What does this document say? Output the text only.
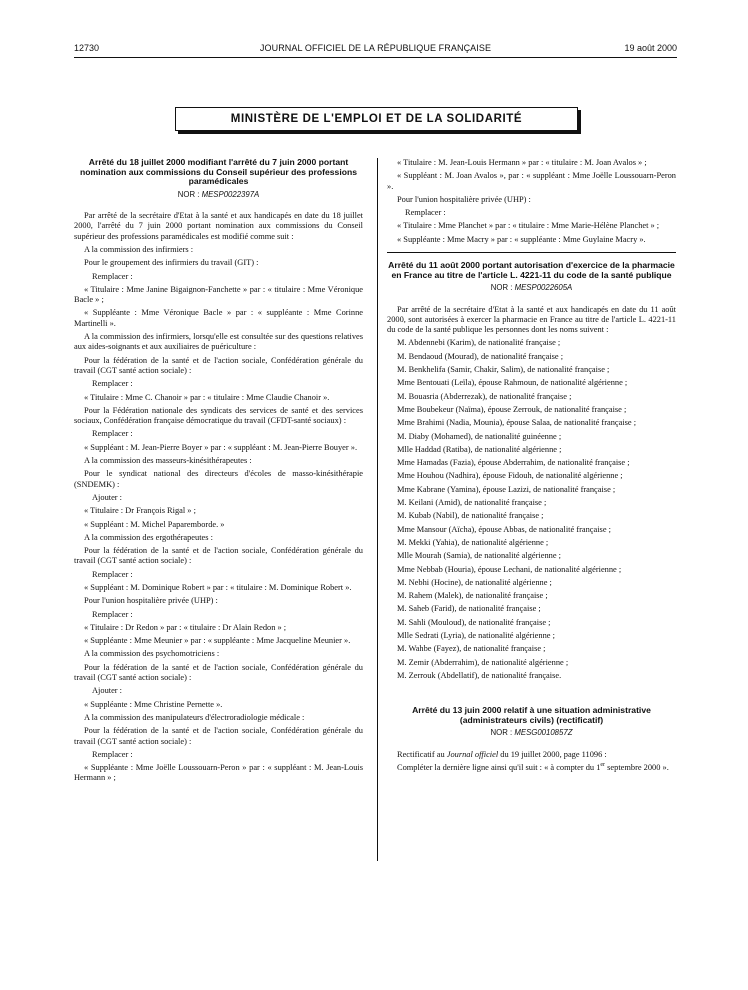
12730	JOURNAL OFFICIEL DE LA RÉPUBLIQUE FRANÇAISE	19 août 2000
MINISTÈRE DE L'EMPLOI ET DE LA SOLIDARITÉ
Arrêté du 18 juillet 2000 modifiant l'arrêté du 7 juin 2000 portant nomination aux commissions du Conseil supérieur des professions paramédicales
NOR : MESP0022397A

Par arrêté de la secrétaire d'Etat à la santé et aux handicapés en date du 18 juillet 2000, l'arrêté du 7 juin 2000 portant nomination aux commissions du Conseil supérieur des professions paramédicales est modifié comme suit :

A la commission des infirmiers :

Pour le groupement des infirmiers du travail (GIT) :

Remplacer :

« Titulaire : Mme Janine Bigaignon-Fanchette » par : « titulaire : Mme Véronique Bacle » ;

« Suppléante : Mme Véronique Bacle » par : « suppléante : Mme Corinne Martinelli ».

A la commission des infirmiers, lorsqu'elle est consultée sur des questions relatives aux aides-soignants et aux auxiliaires de puériculture :

Pour la fédération de la santé et de l'action sociale, Confédération générale du travail (CGT santé action sociale) :

Remplacer :

« Titulaire : Mme C. Chanoir » par : « titulaire : Mme Claudie Chanoir ».

Pour la Fédération nationale des syndicats des services de santé et des services sociaux, Confédération française démocratique du travail (CFDT-santé sociaux) :

Remplacer :

« Suppléant : M. Jean-Pierre Boyer » par : « suppléant : M. Jean-Pierre Bouyer ».

A la commission des masseurs-kinésithérapeutes :

Pour le syndicat national des directeurs d'écoles de masso-kinésithérapie (SNDEMK) :

Ajouter :

« Titulaire : Dr François Rigal » ;

« Suppléant : M. Michel Paparemborde. »

A la commission des ergothérapeutes :

Pour la fédération de la santé et de l'action sociale, Confédération générale du travail (CGT santé action sociale) :

Remplacer :

« Suppléant : M. Dominique Robert » par : « titulaire : M. Dominique Robert ».

Pour l'union hospitalière privée (UHP) :

Remplacer :

« Titulaire : Dr Redon » par : « titulaire : Dr Alain Redon » ;

« Suppléante : Mme Meunier » par : « suppléante : Mme Jacqueline Meunier ».

A la commission des psychomotriciens :

Pour la fédération de la santé et de l'action sociale, Confédération générale du travail (CGT santé action sociale) :

Ajouter :

« Suppléante : Mme Christine Pernette ».

A la commission des manipulateurs d'électroradiologie médicale :

Pour la fédération de la santé et de l'action sociale, Confédération générale du travail (CGT santé action sociale) :

Remplacer :

« Suppléante : Mme Joëlle Loussouarn-Peron » par : « suppléant : M. Jean-Louis Hermann » ;

« Titulaire : M. Jean-Louis Hermann » par : « titulaire : M. Joan Avalos » ;

« Suppléant : M. Joan Avalos », par : « suppléant : Mme Joëlle Loussouarn-Peron ».

Pour l'union hospitalière privée (UHP) :

Remplacer :

« Titulaire : Mme Planchet » par : « titulaire : Mme Marie-Hélène Planchet » ;

« Suppléante : Mme Macry » par : « suppléante : Mme Guylaine Macry ».

Arrêté du 11 août 2000 portant autorisation d'exercice de la pharmacie en France au titre de l'article L. 4221-11 du code de la santé publique
NOR : MESP0022605A

Par arrêté de la secrétaire d'Etat à la santé et aux handicapés en date du 11 août 2000, sont autorisées à exercer la pharmacie en France au titre de l'article L. 4221-11 du code de la santé publique les personnes dont les noms suivent :

M. Abdennebi (Karim), de nationalité française ;

M. Bendaoud (Mourad), de nationalité française ;

M. Benkhelifa (Samir, Chakir, Salim), de nationalité française ;

Mme Bentouati (Leïla), épouse Rahmoun, de nationalité algérienne ;

M. Bouasria (Abderrezak), de nationalité française ;

Mme Boubekeur (Naïma), épouse Zerrouk, de nationalité française ;

Mme Brahimi (Nadia, Mounia), épouse Salaa, de nationalité française ;

M. Diaby (Mohamed), de nationalité guinéenne ;

Mlle Haddad (Ratiba), de nationalité algérienne ;

Mme Hamadas (Fazia), épouse Abderrahim, de nationalité française ;

Mme Houhou (Nadhira), épouse Fidouh, de nationalité algérienne ;

Mme Kabrane (Yamina), épouse Lazizi, de nationalité française ;

M. Keilani (Amid), de nationalité française ;

M. Kubab (Nabil), de nationalité française ;

Mme Mansour (Aïcha), épouse Abbas, de nationalité française ;

M. Mekki (Yahia), de nationalité algérienne ;

Mlle Mourah (Samia), de nationalité algérienne ;

Mme Nebbab (Houria), épouse Lechani, de nationalité algérienne ;

M. Nebhi (Hocine), de nationalité algérienne ;

M. Rahem (Malek), de nationalité française ;

M. Saheb (Farid), de nationalité française ;

M. Sahli (Mouloud), de nationalité française ;

Mlle Sedrati (Lyria), de nationalité algérienne ;

M. Wahbe (Fayez), de nationalité française ;

M. Zemir (Abderrahim), de nationalité algérienne ;

M. Zerrouk (Abdellatif), de nationalité française.

Arrêté du 13 juin 2000 relatif à une situation administrative (administrateurs civils) (rectificatif)
NOR : MESG0010857Z

Rectificatif au Journal officiel du 19 juillet 2000, page 11096 :

Compléter la dernière ligne ainsi qu'il suit : « à compter du 1er septembre 2000 ».
